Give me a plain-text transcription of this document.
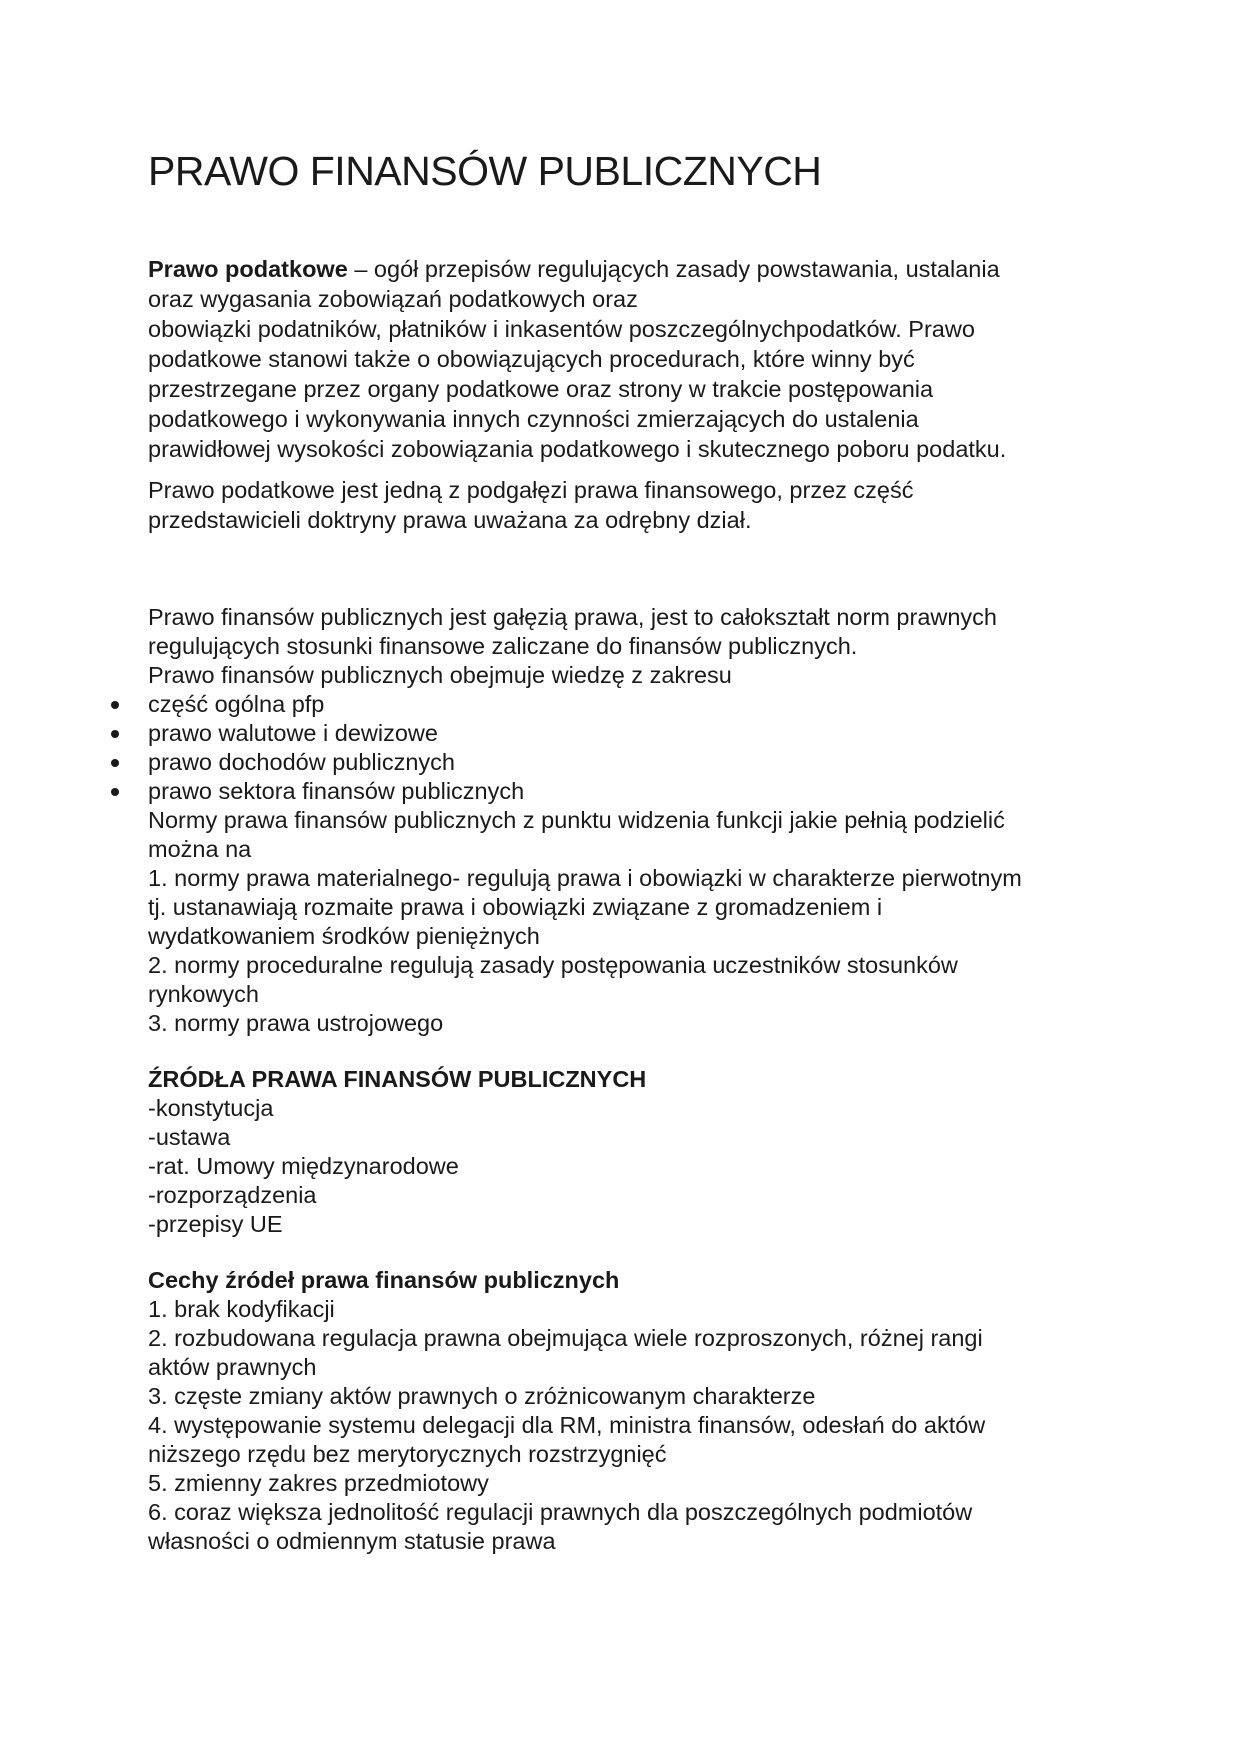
PRAWO FINANSÓW PUBLICZNYCH
Prawo podatkowe – ogół przepisów regulujących zasady powstawania, ustalania
oraz wygasania zobowiązań podatkowych oraz
obowiązki podatników, płatników i inkasentów poszczególnychpodatków. Prawo
podatkowe stanowi także o obowiązujących procedurach, które winny być
przestrzegane przez organy podatkowe oraz strony w trakcie postępowania
podatkowego i wykonywania innych czynności zmierzających do ustalenia
prawidłowej wysokości zobowiązania podatkowego i skutecznego poboru podatku.
Prawo podatkowe jest jedną z podgałęzi prawa finansowego, przez część
przedstawicieli doktryny prawa uważana za odrębny dział.
Prawo finansów publicznych jest gałęzią prawa, jest to całokształt norm prawnych
regulujących stosunki finansowe zaliczane do finansów publicznych.
Prawo finansów publicznych obejmuje wiedzę z zakresu
część ogólna pfp
prawo walutowe i dewizowe
prawo dochodów publicznych
prawo sektora finansów publicznych
Normy prawa finansów publicznych z punktu widzenia funkcji jakie pełnią podzielić
można na
1. normy prawa materialnego- regulują prawa i obowiązki w charakterze pierwotnym
tj. ustanawiają rozmaite prawa i obowiązki związane z gromadzeniem i
wydatkowaniem środków pieniężnych
2. normy proceduralne regulują zasady postępowania uczestników stosunków
rynkowych
3. normy prawa ustrojowego
ŹRÓDŁA PRAWA FINANSÓW PUBLICZNYCH
-konstytucja
-ustawa
-rat. Umowy międzynarodowe
-rozporządzenia
-przepisy UE
Cechy źródeł prawa finansów publicznych
1. brak kodyfikacji
2. rozbudowana regulacja prawna obejmująca wiele rozproszonych, różnej rangi
aktów prawnych
3. częste zmiany aktów prawnych o zróżnicowanym charakterze
4. występowanie systemu delegacji dla RM, ministra finansów, odesłań do aktów
niższego rzędu bez merytorycznych rozstrzygnięć
5. zmienny zakres przedmiotowy
6. coraz większa jednolitość regulacji prawnych dla poszczególnych podmiotów
własności o odmiennym statusie prawa
